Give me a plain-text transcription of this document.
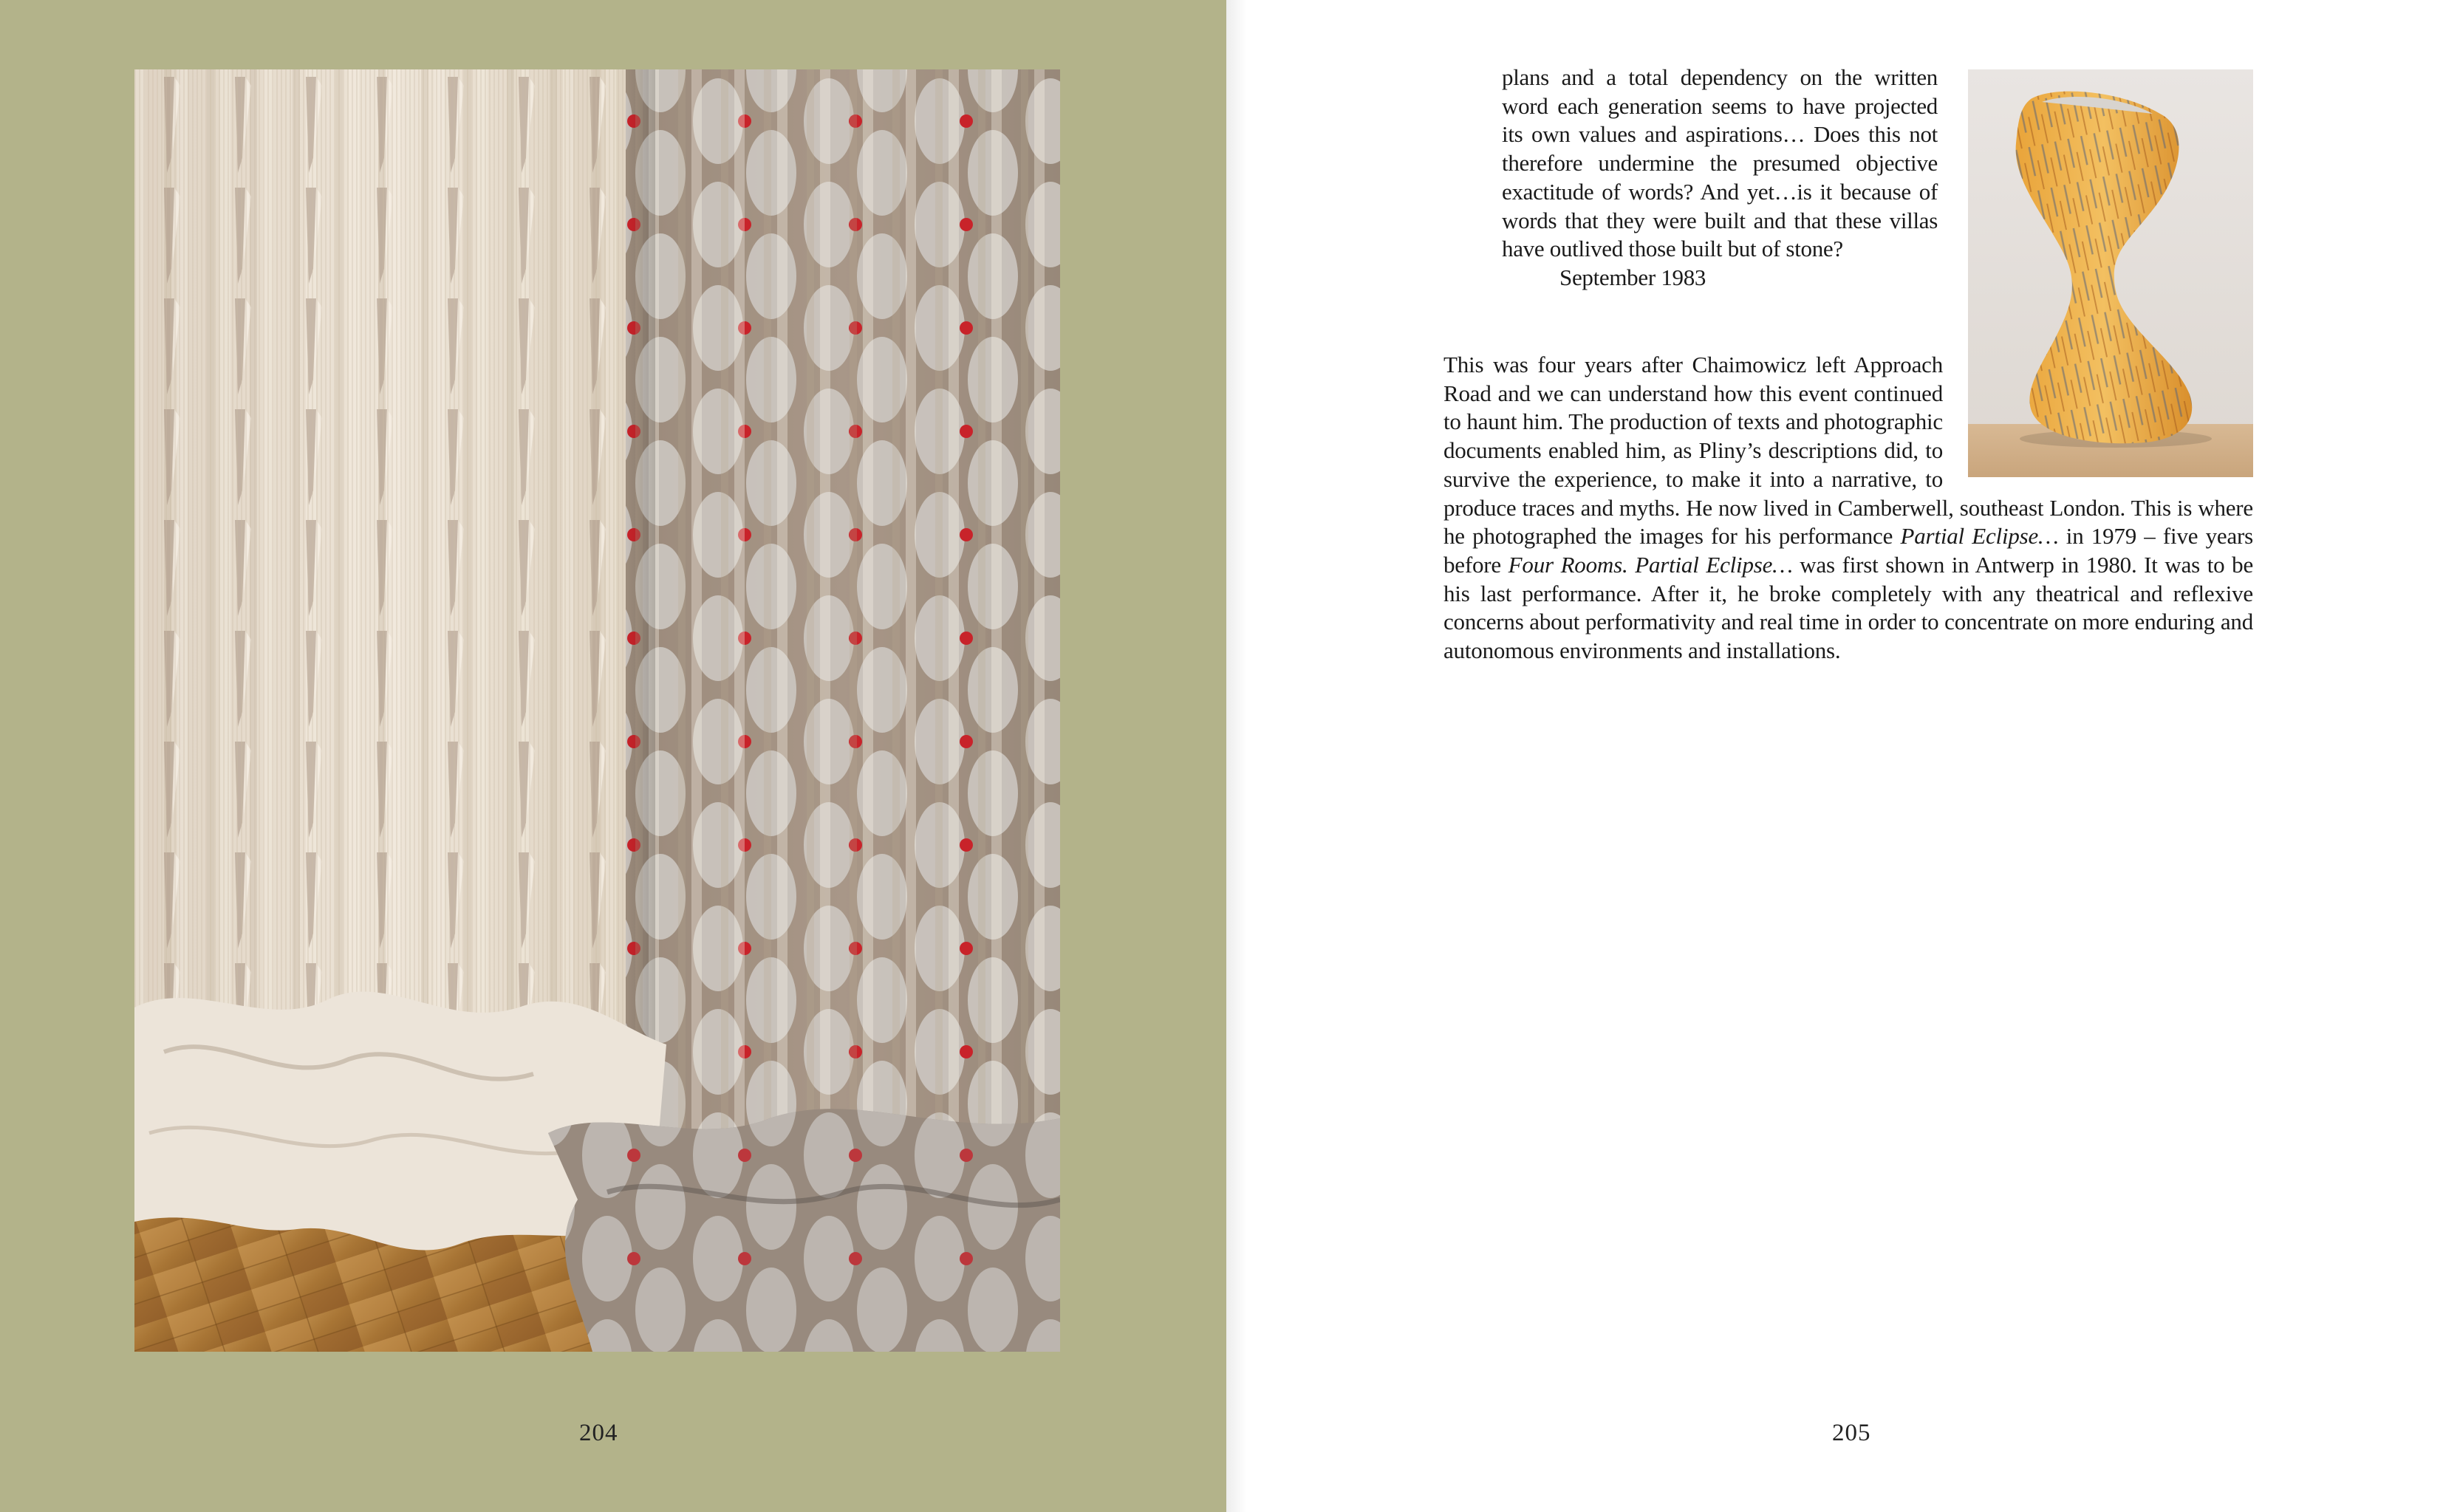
204
plans and a total dependency on the written word each generation seems to have projected its own values and aspirations… Does this not therefore undermine the presumed objective exactitude of words? And yet…is it because of words that they were built and that these villas have outlived those built but of stone?
September 1983
This was four years after Chaimowicz left Approach Road and we can understand how this event continued to haunt him. The production of texts and photographic documents enabled him, as Pliny’s descriptions did, to survive the experience, to make it into a narrative, to produce traces and myths. He now lived in Camberwell, southeast London. This is where he photographed the images for his performance Partial Eclipse… in 1979 – five years before Four Rooms. Partial Eclipse… was first shown in Antwerp in 1980. It was to be his last performance. After it, he broke completely with any theatrical and reflexive concerns about performativity and real time in order to concentrate on more enduring and autonomous environments and installations.
205
